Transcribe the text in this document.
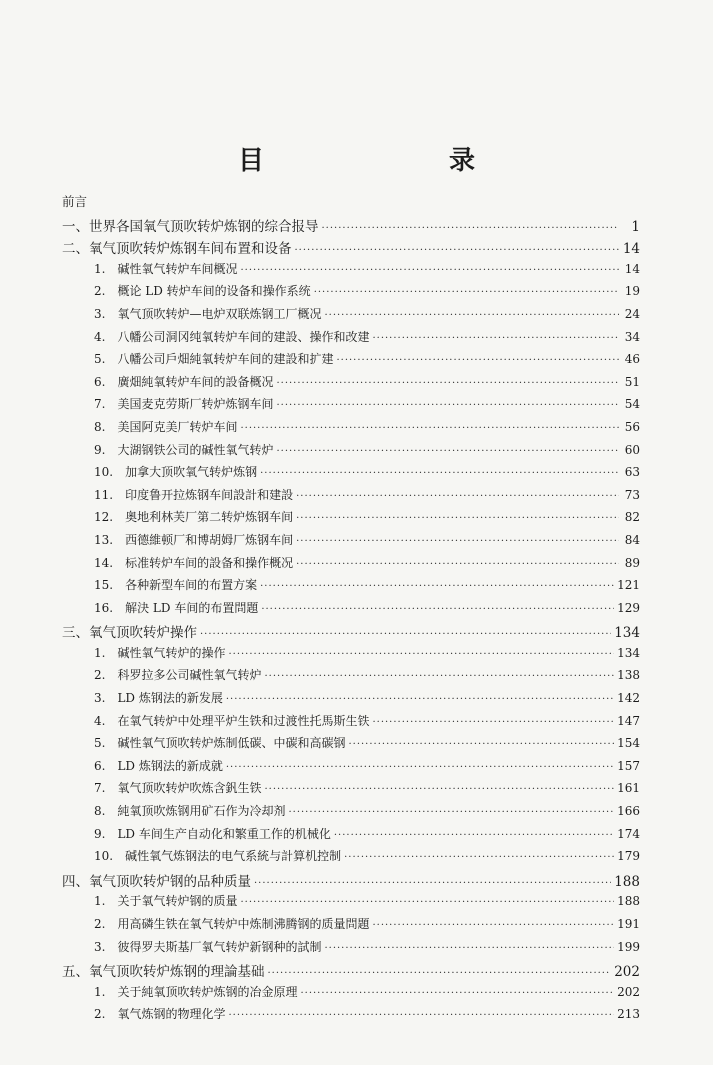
目 录
前言
一、世界各国氧气顶吹转炉炼钢的综合报导 ·····	1
二、氧气顶吹转炉炼钢车间布置和设备 ·····	14
1. 碱性氧气转炉车间概况 ·····	14
2. 概论 LD 转炉车间的设备和操作系统 ·····	19
3. 氧气顶吹转炉—电炉双联炼钢工厂概况 ·····	24
4. 八幡公司洞冈纯氧转炉车间的建設、操作和改建 ·····	34
5. 八幡公司戶畑純氧转炉车间的建設和扩建 ·····	46
6. 廣畑純氧转炉车间的設备概况 ·····	51
7. 美国麦克劳斯厂转炉炼钢车间 ·····	54
8. 美国阿克美厂转炉车间 ·····	56
9. 大湖钢铁公司的碱性氧气转炉 ·····	60
10. 加拿大顶吹氧气转炉炼钢 ·····	63
11. 印度鲁开拉炼钢车间設計和建設 ·····	73
12. 奥地利林芙厂第二转炉炼钢车间 ·····	82
13. 西德維顿厂和博胡姆厂炼钢车间 ·····	84
14. 标准转炉车间的設备和操作概况 ·····	89
15. 各种新型车间的布置方案 ·····	121
16. 解決 LD 车间的布置問題 ·····	129
三、氧气顶吹转炉操作 ·····	134
1. 碱性氧气转炉的操作 ·····	134
2. 科罗拉多公司碱性氧气转炉 ·····	138
3. LD 炼钢法的新发展 ·····	142
4. 在氧气转炉中处理平炉生铁和过渡性托馬斯生铁 ·····	147
5. 碱性氧气顶吹转炉炼制低碳、中碳和高碳钢 ·····	154
6. LD 炼钢法的新成就 ·····	157
7. 氧气顶吹转炉吹炼含釩生铁 ·····	161
8. 純氧顶吹炼钢用矿石作为冷却剂 ·····	166
9. LD 车间生产自动化和繁重工作的机械化 ·····	174
10. 碱性氧气炼钢法的电气系統与計算机控制 ·····	179
四、氧气顶吹转炉钢的品种质量 ·····	188
1. 关于氧气转炉钢的质量 ·····	188
2. 用高磷生铁在氧气转炉中炼制沸腾钢的质量問題 ·····	191
3. 彼得罗夫斯基厂氧气转炉新钢种的試制 ·····	199
五、氧气顶吹转炉炼钢的理論基础 ·····	202
1. 关于純氧顶吹转炉炼钢的冶金原理 ·····	202
2. 氧气炼钢的物理化学 ·····	213
